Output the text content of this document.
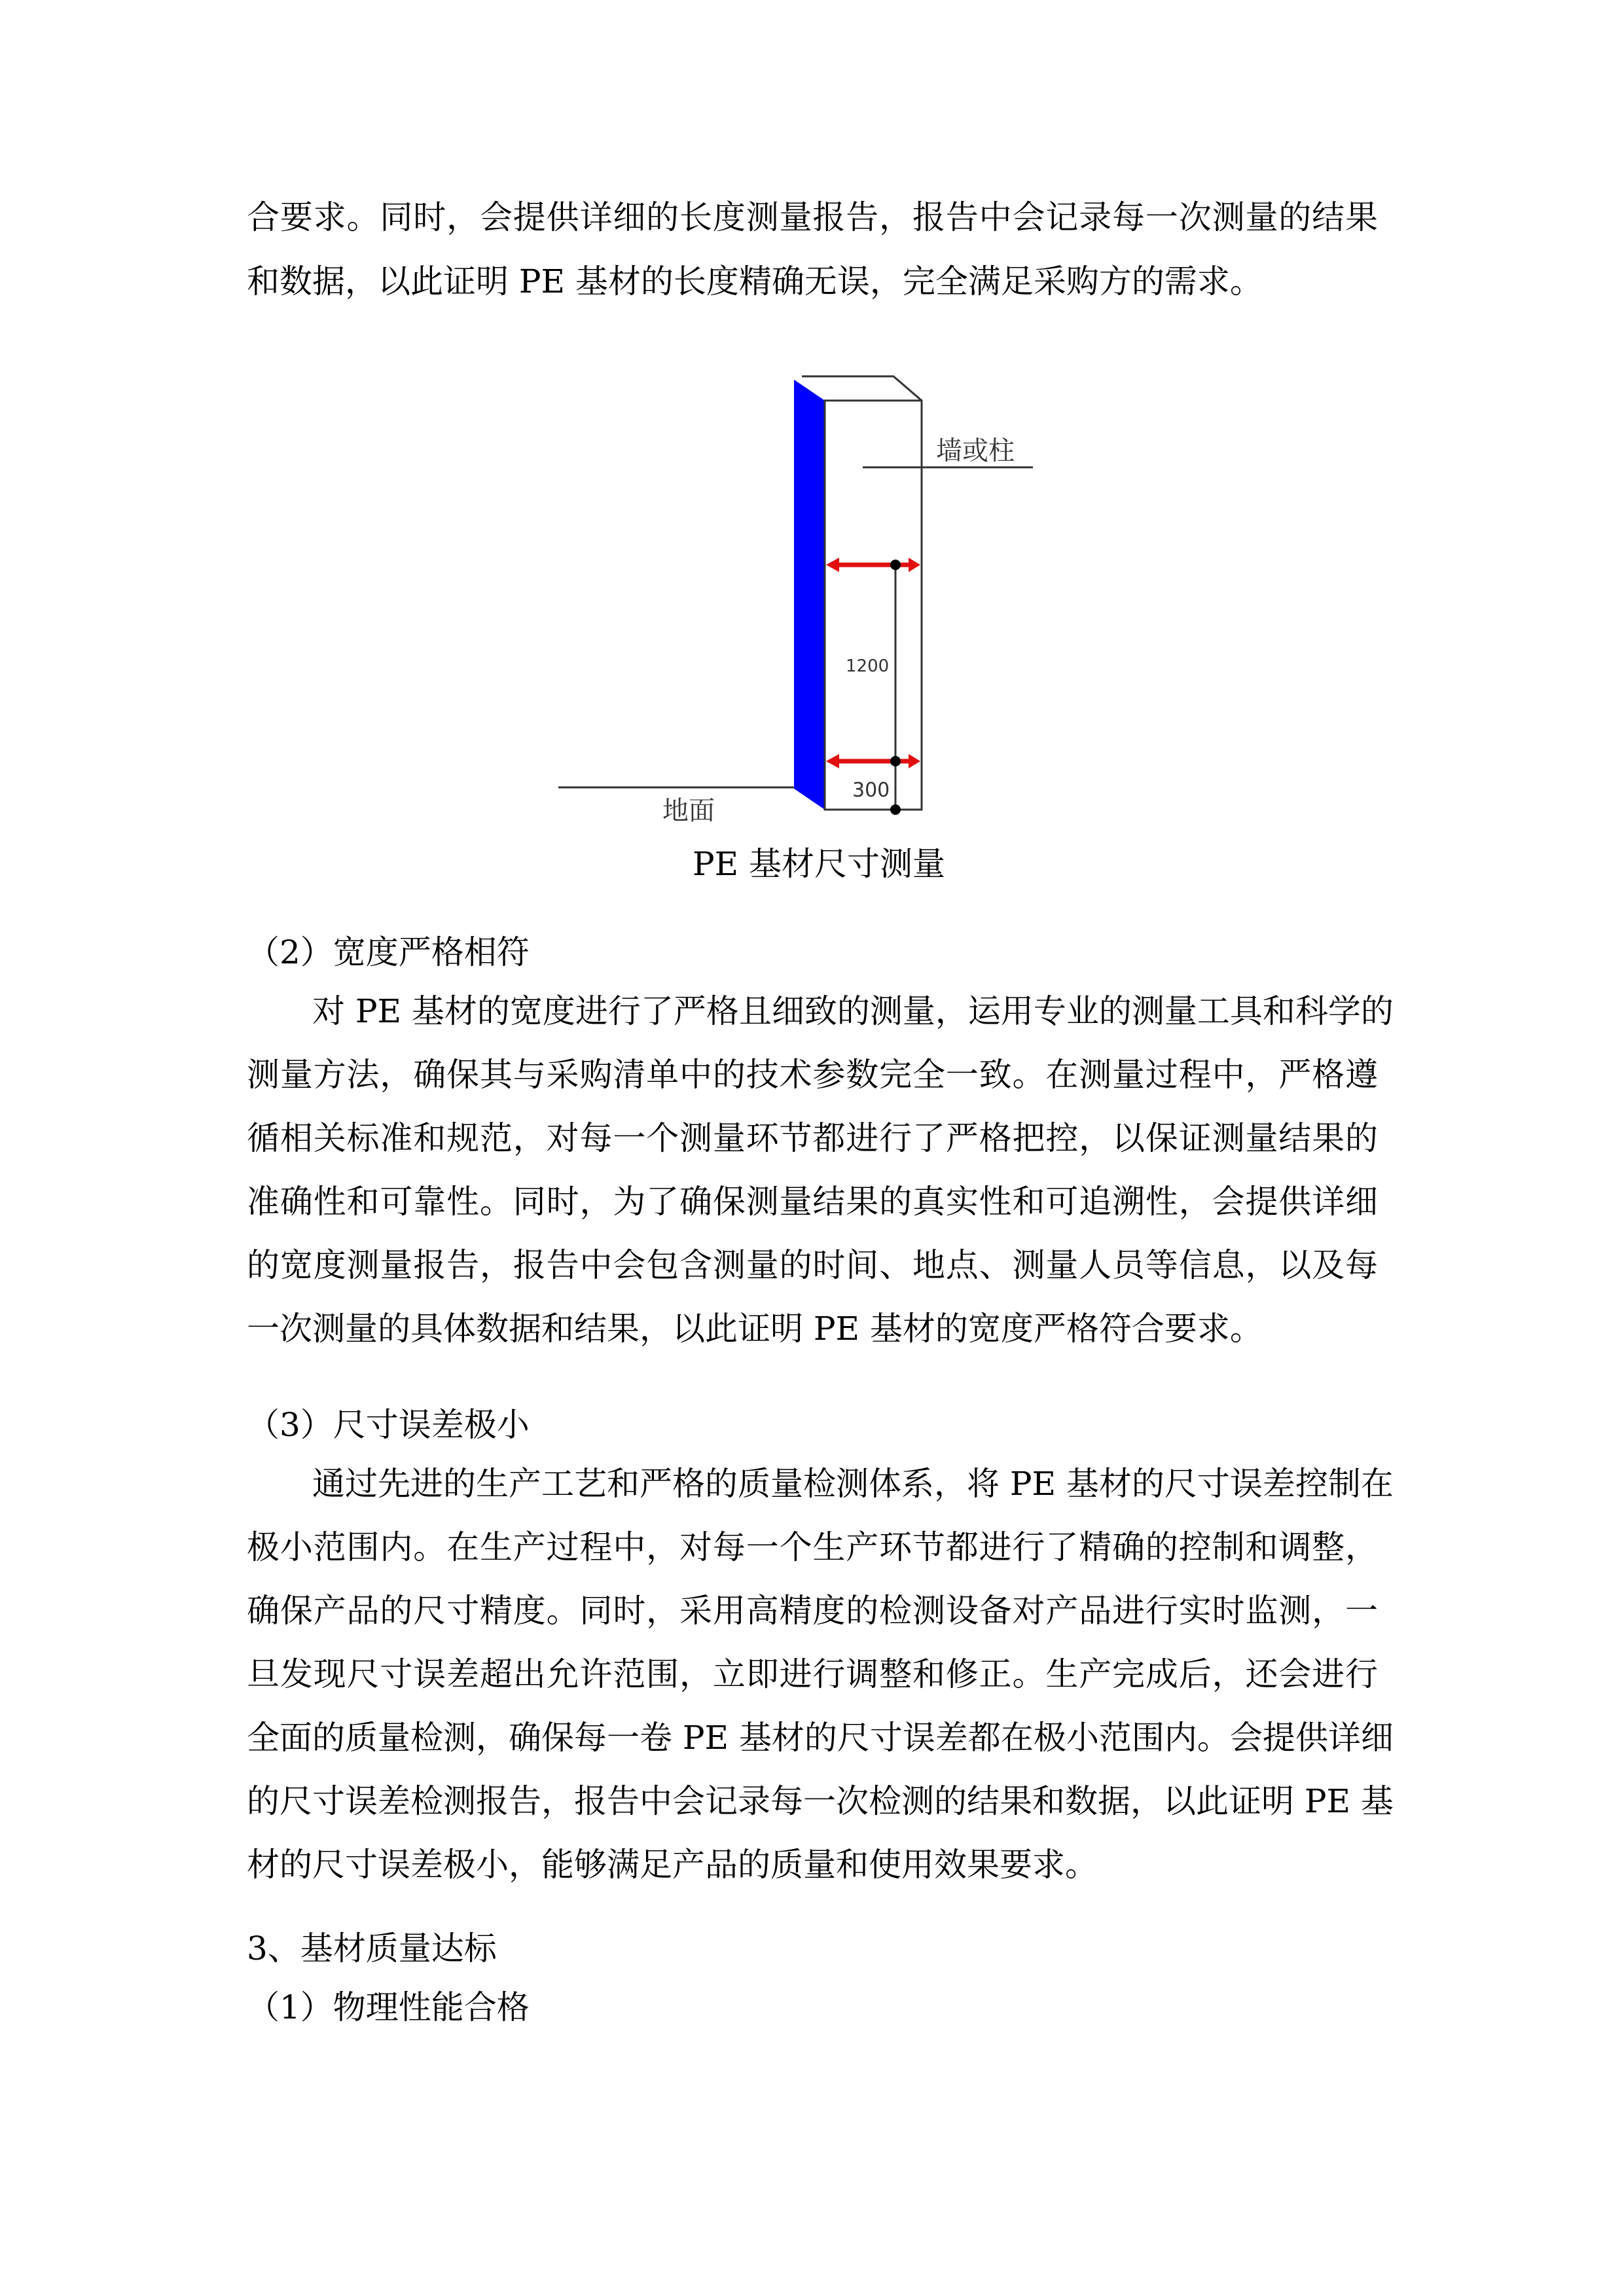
合要求。同时，会提供详细的长度测量报告，报告中会记录每一次测量的结果
和数据，以此证明 PE 基材的长度精确无误，完全满足采购方的需求。
墙或柱
1200
300
地面
PE 基材尺寸测量
（2）宽度严格相符
对 PE 基材的宽度进行了严格且细致的测量，运用专业的测量工具和科学的
测量方法，确保其与采购清单中的技术参数完全一致。在测量过程中，严格遵
循相关标准和规范，对每一个测量环节都进行了严格把控，以保证测量结果的
准确性和可靠性。同时，为了确保测量结果的真实性和可追溯性，会提供详细
的宽度测量报告，报告中会包含测量的时间、地点、测量人员等信息，以及每
一次测量的具体数据和结果，以此证明 PE 基材的宽度严格符合要求。
（3）尺寸误差极小
通过先进的生产工艺和严格的质量检测体系，将 PE 基材的尺寸误差控制在
极小范围内。在生产过程中，对每一个生产环节都进行了精确的控制和调整，
确保产品的尺寸精度。同时，采用高精度的检测设备对产品进行实时监测，一
旦发现尺寸误差超出允许范围，立即进行调整和修正。生产完成后，还会进行
全面的质量检测，确保每一卷 PE 基材的尺寸误差都在极小范围内。会提供详细
的尺寸误差检测报告，报告中会记录每一次检测的结果和数据，以此证明 PE 基
材的尺寸误差极小，能够满足产品的质量和使用效果要求。
3、基材质量达标
（1）物理性能合格
